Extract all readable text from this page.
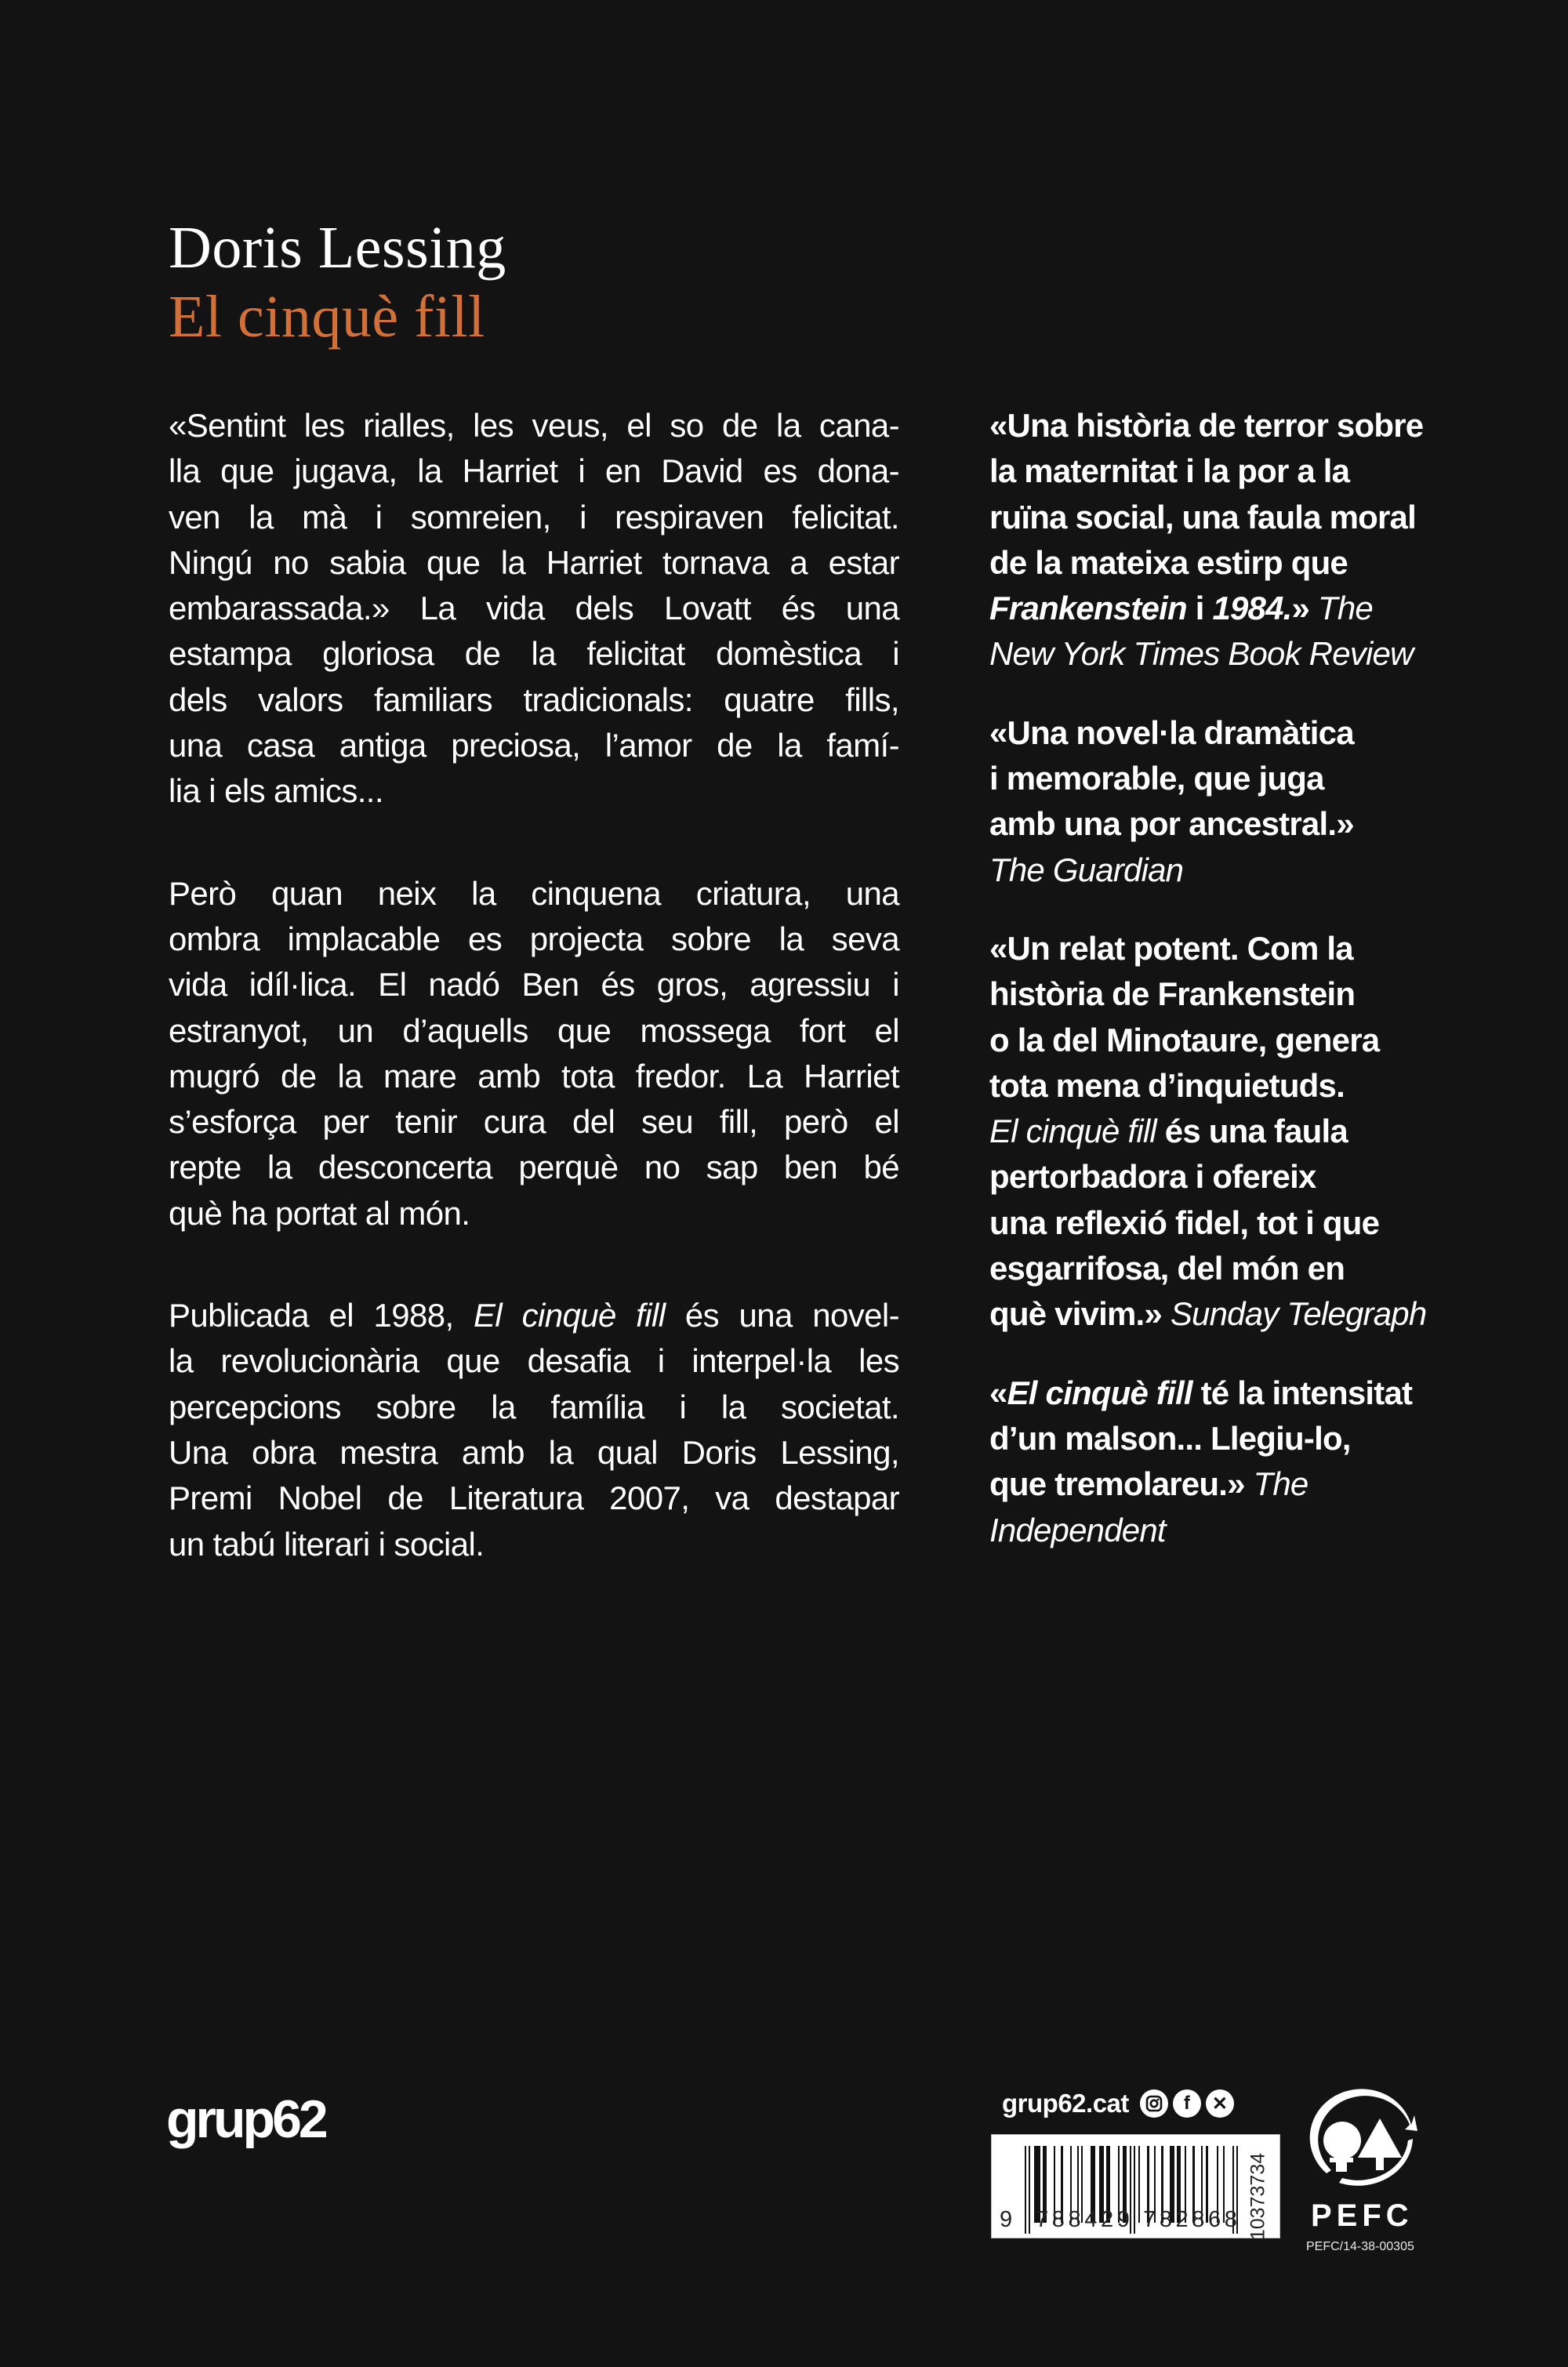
Doris Lessing
El cinquè fill
«Sentint les rialles, les veus, el so de la cana-
lla que jugava, la Harriet i en David es dona-
ven la mà i somreien, i respiraven felicitat.
Ningú no sabia que la Harriet tornava a estar
embarassada.» La vida dels Lovatt és una
estampa gloriosa de la felicitat domèstica i
dels valors familiars tradicionals: quatre fills,
una casa antiga preciosa, l’amor de la famí-
lia i els amics...
Però quan neix la cinquena criatura, una
ombra implacable es projecta sobre la seva
vida idíl·lica. El nadó Ben és gros, agressiu i
estranyot, un d’aquells que mossega fort el
mugró de la mare amb tota fredor. La Harriet
s’esforça per tenir cura del seu fill, però el
repte la desconcerta perquè no sap ben bé
què ha portat al món.
Publicada el 1988, El cinquè fill és una novel-
la revolucionària que desafia i interpel·la les
percepcions sobre la família i la societat.
Una obra mestra amb la qual Doris Lessing,
Premi Nobel de Literatura 2007, va destapar
un tabú literari i social.
«Una història de terror sobre
la maternitat i la por a la
ruïna social, una faula moral
de la mateixa estirp que
Frankenstein i 1984.» The
New York Times Book Review
«Una novel·la dramàtica
i memorable, que juga
amb una por ancestral.»
The Guardian
«Un relat potent. Com la
història de Frankenstein
o la del Minotaure, genera
tota mena d’inquietuds.
El cinquè fill és una faula
pertorbadora i ofereix
una reflexió fidel, tot i que
esgarrifosa, del món en
què vivim.» Sunday Telegraph
«El cinquè fill té la intensitat
d’un malson... Llegiu-lo,
que tremolareu.» The
Independent
grup62	grup62.cat	f	✕
9 788429 782868 10373734 PEFC
PEFC/14-38-00305
